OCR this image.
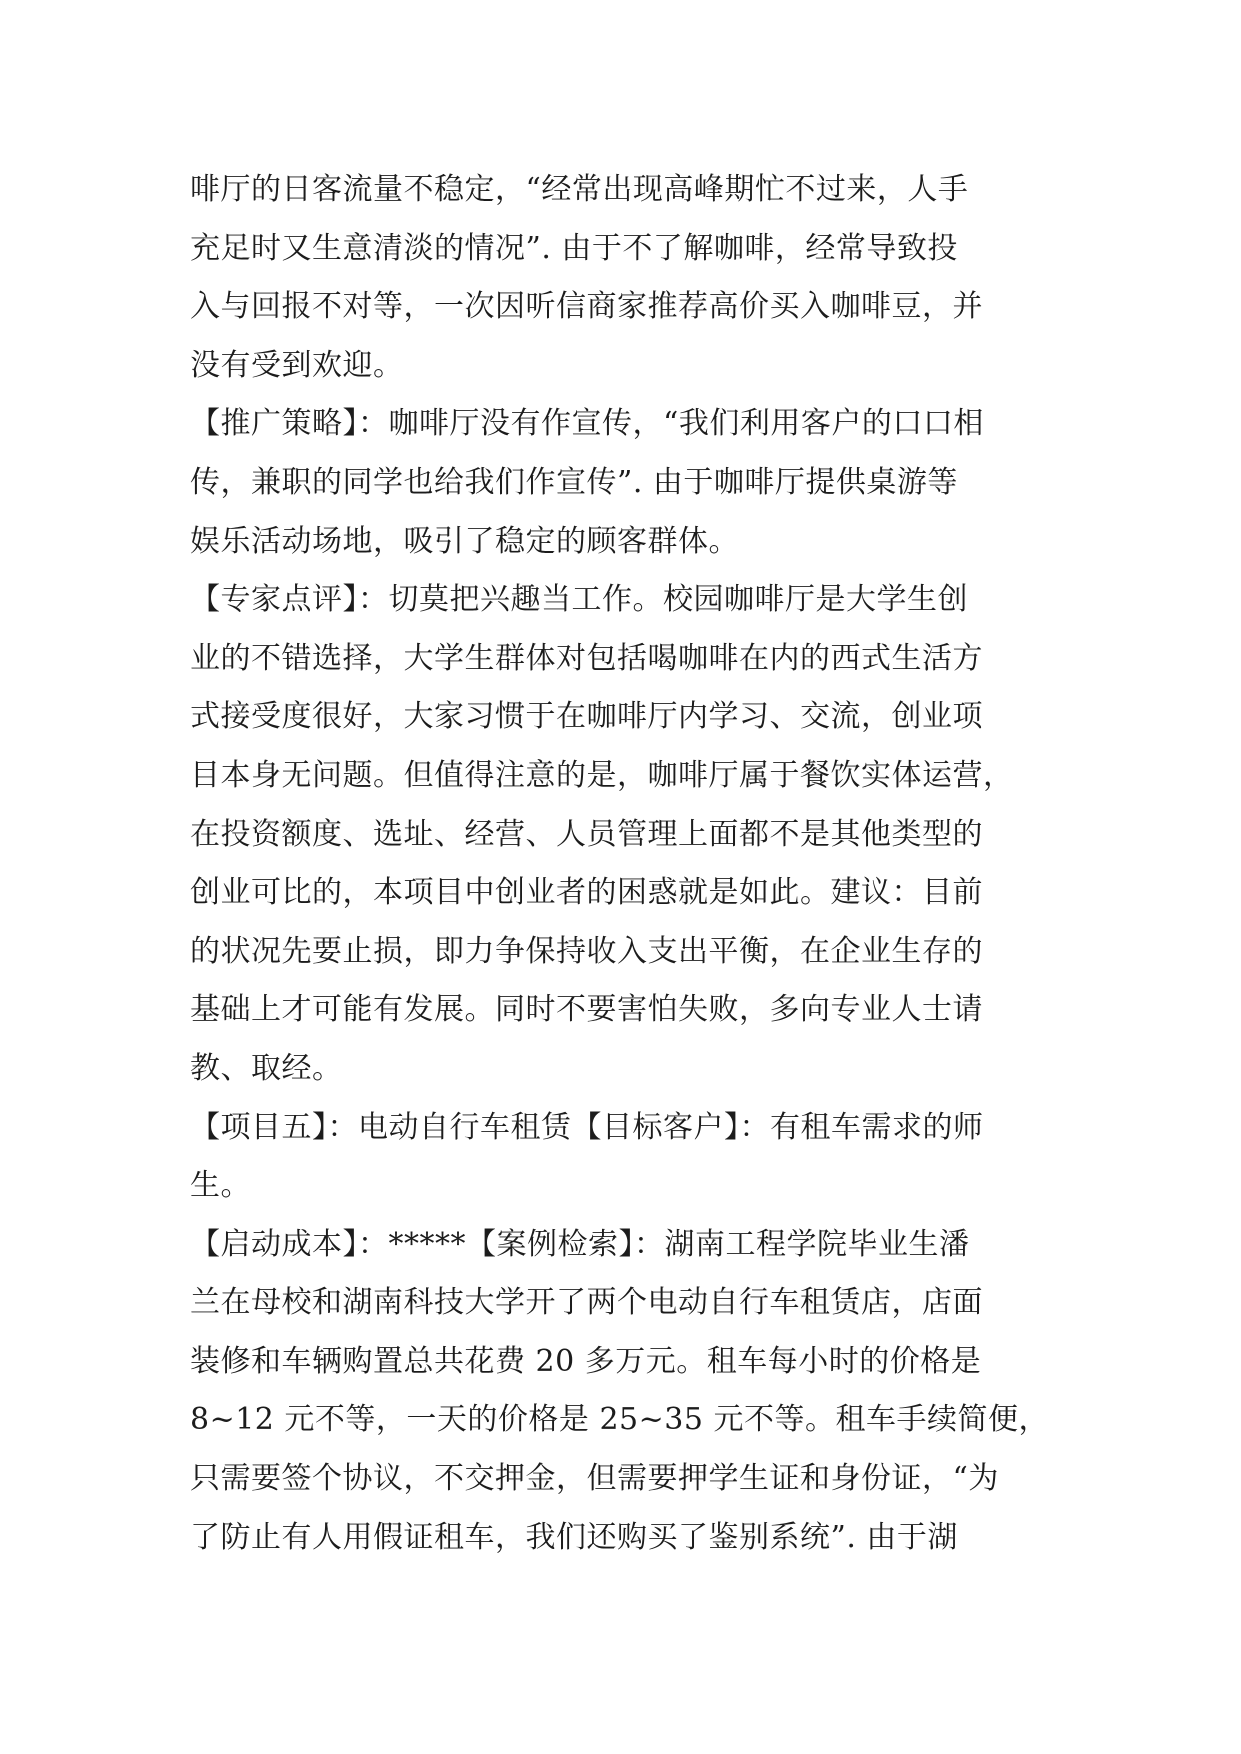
啡厅的日客流量不稳定，“经常出现高峰期忙不过来，人手
充足时又生意清淡的情况”. 由于不了解咖啡，经常导致投
入与回报不对等，一次因听信商家推荐高价买入咖啡豆，并
没有受到欢迎。
【推广策略】：咖啡厅没有作宣传，“我们利用客户的口口相
传，兼职的同学也给我们作宣传”. 由于咖啡厅提供桌游等
娱乐活动场地，吸引了稳定的顾客群体。
【专家点评】：切莫把兴趣当工作。校园咖啡厅是大学生创
业的不错选择，大学生群体对包括喝咖啡在内的西式生活方
式接受度很好，大家习惯于在咖啡厅内学习、交流，创业项
目本身无问题。但值得注意的是，咖啡厅属于餐饮实体运营，
在投资额度、选址、经营、人员管理上面都不是其他类型的
创业可比的，本项目中创业者的困惑就是如此。建议：目前
的状况先要止损，即力争保持收入支出平衡，在企业生存的
基础上才可能有发展。同时不要害怕失败，多向专业人士请
教、取经。
【项目五】：电动自行车租赁【目标客户】：有租车需求的师
生。
【启动成本】：*****【案例检索】：湖南工程学院毕业生潘
兰在母校和湖南科技大学开了两个电动自行车租赁店，店面
装修和车辆购置总共花费 20 多万元。租车每小时的价格是
8~12 元不等，一天的价格是 25~35 元不等。租车手续简便，
只需要签个协议，不交押金，但需要押学生证和身份证，“为
了防止有人用假证租车，我们还购买了鉴别系统”. 由于湖
